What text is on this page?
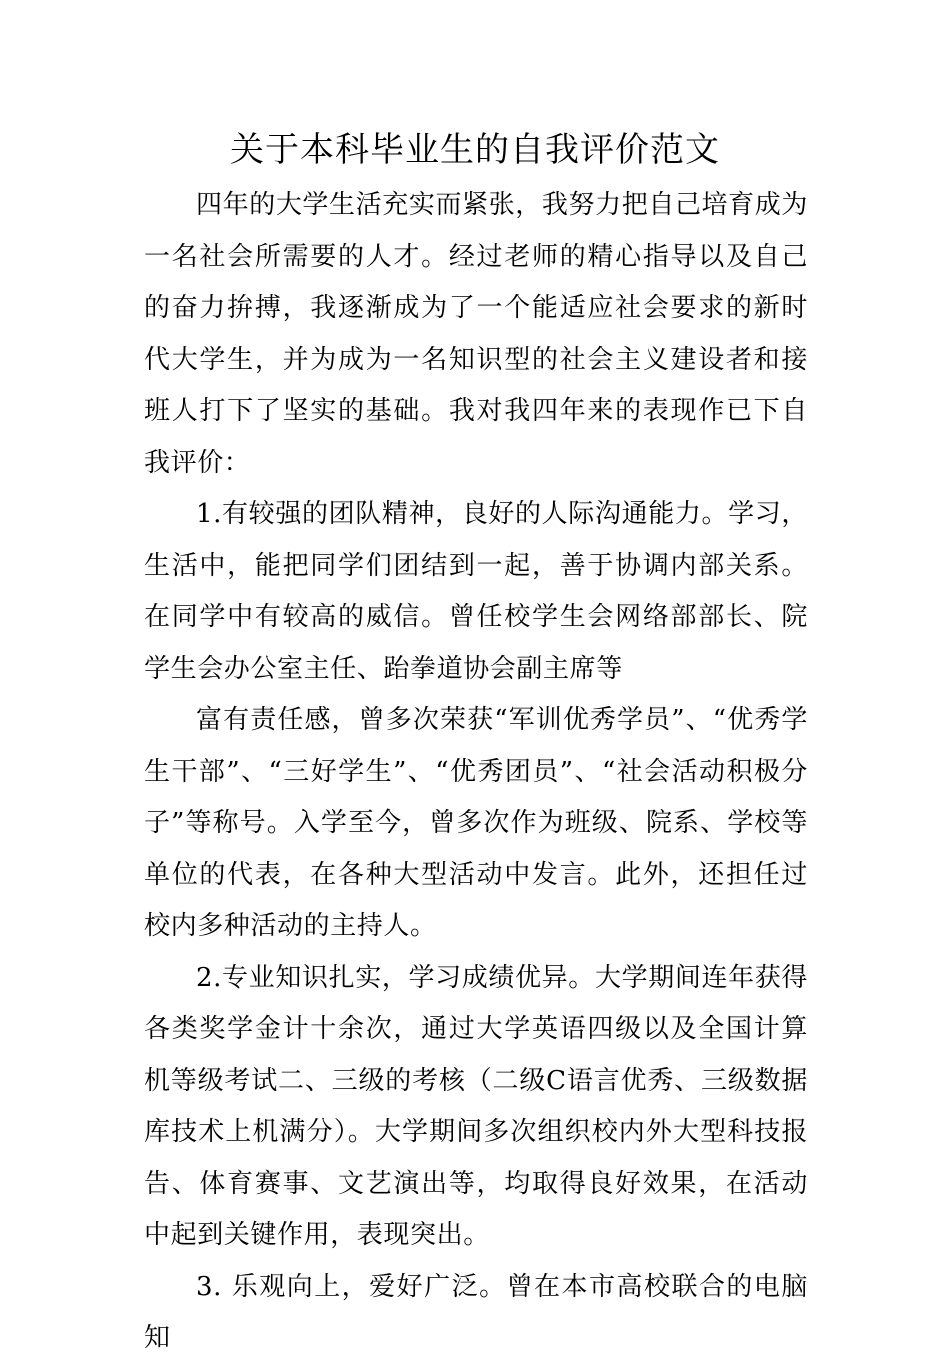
关于本科毕业生的自我评价范文

四年的大学生活充实而紧张，我努力把自己培育成为一名社会所需要的人才。经过老师的精心指导以及自己的奋力拚搏，我逐渐成为了一个能适应社会要求的新时代大学生，并为成为一名知识型的社会主义建设者和接班人打下了坚实的基础。我对我四年来的表现作已下自我评价：

1.有较强的团队精神，良好的人际沟通能力。学习，生活中，能把同学们团结到一起，善于协调内部关系。在同学中有较高的威信。曾任校学生会网络部部长、院学生会办公室主任、跆拳道协会副主席等

富有责任感，曾多次荣获“军训优秀学员”、“优秀学生干部”、“三好学生”、“优秀团员”、“社会活动积极分子”等称号。入学至今，曾多次作为班级、院系、学校等单位的代表，在各种大型活动中发言。此外，还担任过校内多种活动的主持人。

2.专业知识扎实，学习成绩优异。大学期间连年获得各类奖学金计十余次，通过大学英语四级以及全国计算机等级考试二、三级的考核（二级C语言优秀、三级数据库技术上机满分）。大学期间多次组织校内外大型科技报告、体育赛事、文艺演出等，均取得良好效果，在活动中起到关键作用，表现突出。

3. 乐观向上，爱好广泛。曾在本市高校联合的电脑知
